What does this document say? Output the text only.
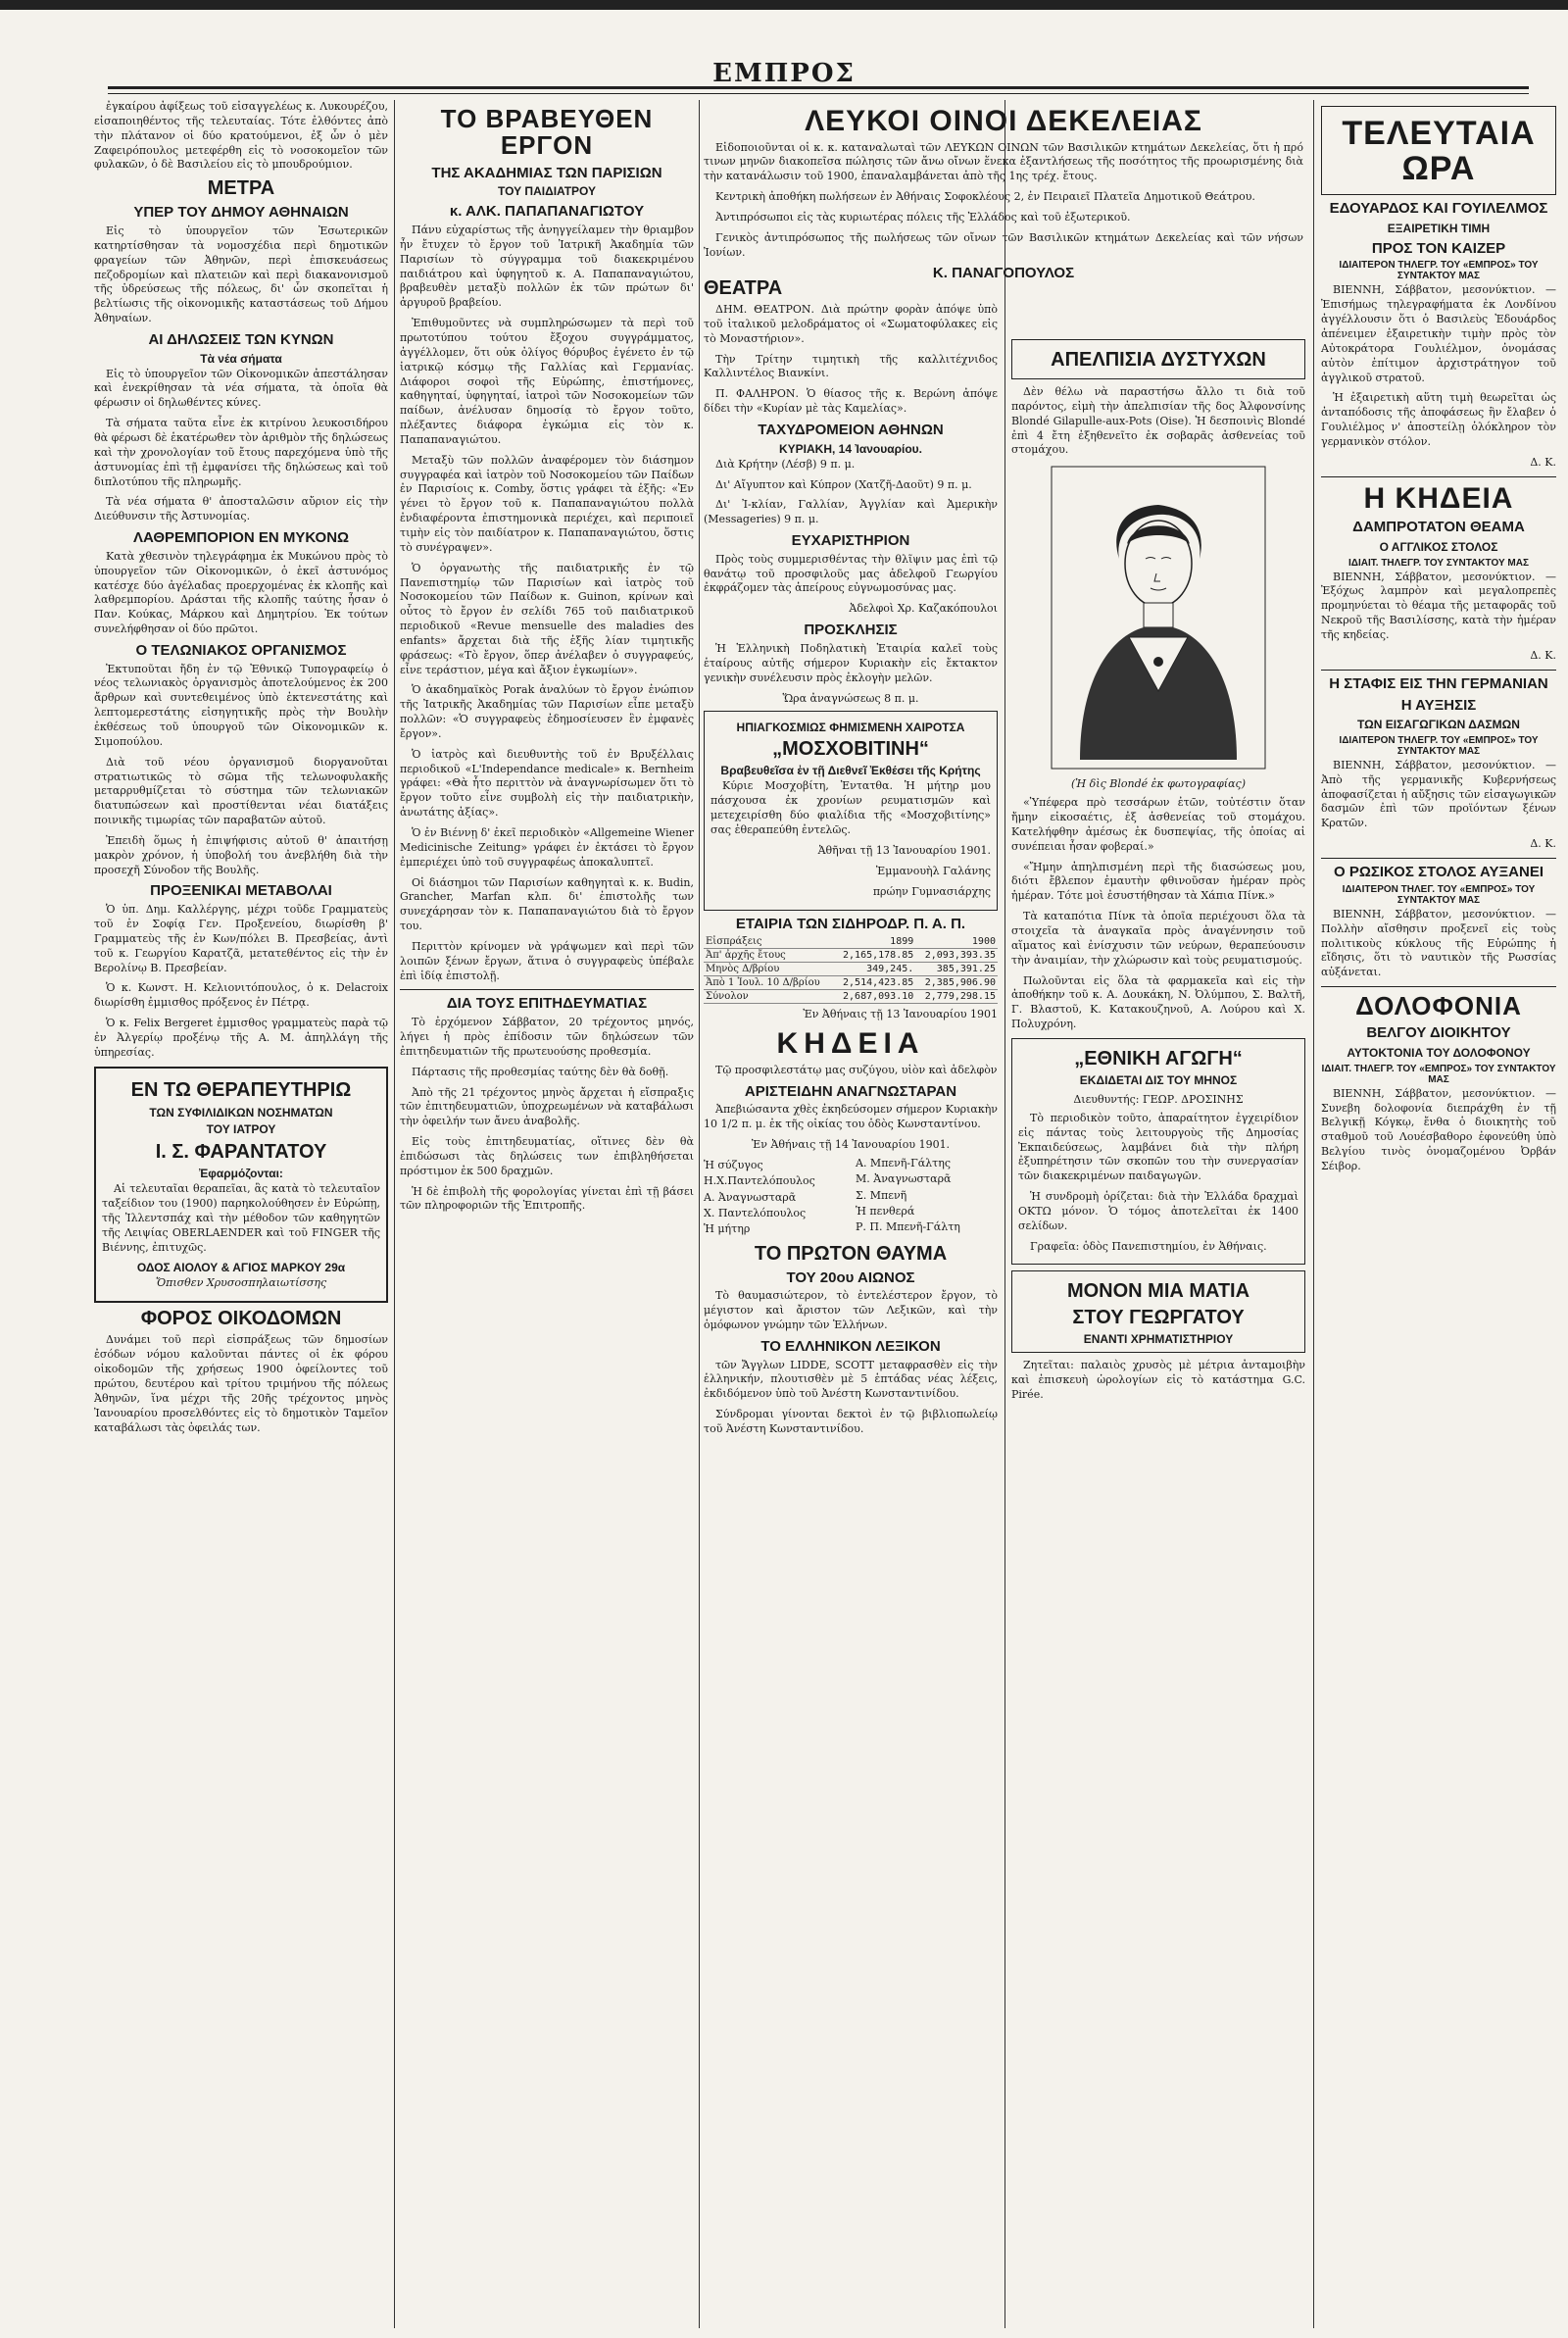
ΕΜΠΡΟΣ

ἐγκαίρου ἀφίξεως τοῦ εἰσαγγελέως κ. Λυκουρέζου, εἰσαποιηθέντος τῆς τελευταίας. Τότε ἐλθόντες ἀπὸ τὴν πλάτανον οἱ δύο κρατούμενοι, ἐξ ὧν ὁ μὲν Ζαφειρόπουλος μετεφέρθη εἰς τὸ νοσοκομεῖον τῶν φυλακῶν, ὁ δὲ Βασιλείου εἰς τὸ μπουδρούμιον.

ΜΕΤΡΑ
ΥΠΕΡ ΤΟΥ ΔΗΜΟΥ ΑΘΗΝΑΙΩΝ

Εἰς τὸ ὑπουργεῖον τῶν Ἐσωτερικῶν κατηρτίσθησαν τὰ νομοσχέδια περὶ δημοτικῶν φραγείων τῶν Ἀθηνῶν, περὶ ἐπισκευάσεως πεζοδρομίων καὶ πλατειῶν καὶ περὶ διακανονισμοῦ τῆς ὑδρεύσεως τῆς πόλεως, δι' ὧν σκοπεῖται ἡ βελτίωσις τῆς οἰκονομικῆς καταστάσεως τοῦ Δήμου Ἀθηναίων.

ΑΙ ΔΗΛΩΣΕΙΣ ΤΩΝ ΚΥΝΩΝ
Τὰ νέα σήματα

Εἰς τὸ ὑπουργεῖον τῶν Οἰκονομικῶν ἀπεστάλησαν καὶ ἐνεκρίθησαν τὰ νέα σήματα, τὰ ὁποῖα θὰ φέρωσιν οἱ δηλωθέντες κύνες.

Τὰ σήματα ταῦτα εἶνε ἐκ κιτρίνου λευκοσιδήρου θὰ φέρωσι δὲ ἑκατέρωθεν τὸν ἀριθμὸν τῆς δηλώσεως καὶ τὴν χρονολογίαν τοῦ ἔτους παρεχόμενα ὑπὸ τῆς ἀστυνομίας ἐπὶ τῇ ἐμφανίσει τῆς δηλώσεως καὶ τοῦ διπλοτύπου τῆς πληρωμῆς.

Τὰ νέα σήματα θ' ἀποσταλῶσιν αὔριον εἰς τὴν Διεύθυνσιν τῆς Ἀστυνομίας.

ΛΑΘΡΕΜΠΟΡΙΟΝ ΕΝ ΜΥΚΟΝΩ

Κατὰ χθεσινὸν τηλεγράφημα ἐκ Μυκώνου πρὸς τὸ ὑπουργεῖον τῶν Οἰκονομικῶν, ὁ ἐκεῖ ἀστυνόμος κατέσχε δύο ἀγέλαδας προερχομένας ἐκ κλοπῆς καὶ λαθρεμπορίου. Δράσται τῆς κλοπῆς ταύτης ἦσαν ὁ Παν. Κούκας, Μάρκου καὶ Δημητρίου. Ἐκ τούτων συνελήφθησαν οἱ δύο πρῶτοι.

Ο ΤΕΛΩΝΙΑΚΟΣ ΟΡΓΑΝΙΣΜΟΣ

Ἐκτυποῦται ἤδη ἐν τῷ Ἐθνικῷ Τυπογραφείῳ ὁ νέος τελωνιακὸς ὀργανισμὸς ἀποτελούμενος ἐκ 200 ἄρθρων καὶ συντεθειμένος ὑπὸ ἐκτενεστάτης καὶ λεπτομερεστάτης εἰσηγητικῆς πρὸς τὴν Βουλὴν ἐκθέσεως τοῦ ὑπουργοῦ τῶν Οἰκονομικῶν κ. Σιμοπούλου.

Διὰ τοῦ νέου ὀργανισμοῦ διοργανοῦται στρατιωτικῶς τὸ σῶμα τῆς τελωνοφυλακῆς μεταρρυθμίζεται τὸ σύστημα τῶν τελωνιακῶν διατυπώσεων καὶ προστίθενται νέαι διατάξεις ποινικῆς τιμωρίας τῶν παραβατῶν αὐτοῦ.

Ἐπειδὴ ὅμως ἡ ἐπιψήφισις αὐτοῦ θ' ἀπαιτήσῃ μακρὸν χρόνον, ἡ ὑποβολή του ἀνεβλήθη διὰ τὴν προσεχῆ Σύνοδον τῆς Βουλῆς.

ΠΡΟΞΕΝΙΚΑΙ ΜΕΤΑΒΟΛΑΙ

Ὁ ὑπ. Δημ. Καλλέργης, μέχρι τοῦδε Γραμματεὺς τοῦ ἐν Σοφίᾳ Γεν. Προξενείου, διωρίσθη β' Γραμματεὺς τῆς ἐν Κων/πόλει Β. Πρεσβείας, ἀντὶ τοῦ κ. Γεωργίου Καρατζᾶ, μετατεθέντος εἰς τὴν ἐν Βερολίνῳ Β. Πρεσβείαν.

Ὁ κ. Κωνστ. Η. Κελιονιτόπουλος, ὁ κ. Delacroix διωρίσθη ἐμμισθος πρόξενος ἐν Πέτρᾳ.

Ὁ κ. Felix Bergeret ἐμμισθος γραμματεὺς παρὰ τῷ ἐν Ἀλγερίῳ προξένῳ τῆς Α. Μ. ἀπηλλάγη τῆς ὑπηρεσίας.

ΕΝ ΤΩ ΘΕΡΑΠΕΥΤΗΡΙΩ
ΤΩΝ ΣΥΦΙΛΙΔΙΚΩΝ ΝΟΣΗΜΑΤΩΝ
ΤΟΥ ΙΑΤΡΟΥ
Ι. Σ. ΦΑΡΑΝΤΑΤΟΥ
Ἐφαρμόζονται:

Αἱ τελευταῖαι θεραπεῖαι, ἃς κατὰ τὸ τελευταῖον ταξείδιον του (1900) παρηκολούθησεν ἐν Εὐρώπῃ, τῆς Ἰλλεντσπάχ καὶ τὴν μέθοδον τῶν καθηγητῶν τῆς Λειψίας OBERLAENDER καὶ τοῦ FINGER τῆς Βιέννης, ἐπιτυχῶς.

ΟΔΟΣ ΑΙΟΛΟΥ & ΑΓΙΟΣ ΜΑΡΚΟΥ 29α
Ὄπισθεν Χρυσοσπηλαιωτίσσης
ΦΟΡΟΣ ΟΙΚΟΔΟΜΩΝ

Δυνάμει τοῦ περὶ εἰσπράξεως τῶν δημοσίων ἐσόδων νόμου καλοῦνται πάντες οἱ ἐκ φόρου οἰκοδομῶν τῆς χρήσεως 1900 ὀφείλοντες τοῦ πρώτου, δευτέρου καὶ τρίτου τριμήνου τῆς πόλεως Ἀθηνῶν, ἵνα μέχρι τῆς 20ῆς τρέχοντος μηνὸς Ἰανουαρίου προσελθόντες εἰς τὸ δημοτικὸν Ταμεῖον καταβάλωσι τὰς ὀφειλάς των.

ΤΟ ΒΡΑΒΕΥΘΕΝ ΕΡΓΟΝ
ΤΗΣ ΑΚΑΔΗΜΙΑΣ ΤΩΝ ΠΑΡΙΣΙΩΝ
ΤΟΥ ΠΑΙΔΙΑΤΡΟΥ
κ. ΑΛΚ. ΠΑΠΑΠΑΝΑΓΙΩΤΟΥ

Πάνυ εὐχαρίστως τῆς ἀνηγγείλαμεν τὴν θριαμβον ἦν ἔτυχεν τὸ ἔργον τοῦ Ἰατρικῆ Ἀκαδημία τῶν Παρισίων τὸ σύγγραμμα τοῦ διακεκριμένου παιδιάτρου καὶ ὑφηγητοῦ κ. Α. Παπαπαναγιώτου, βραβευθὲν μεταξὺ πολλῶν ἐκ τῶν πρώτων δι' ἀργυροῦ βραβείου.

Ἐπιθυμοῦντες νὰ συμπληρώσωμεν τὰ περὶ τοῦ πρωτοτύπου τούτου ἔξοχου συγγράμματος, ἀγγέλλομεν, ὅτι οὐκ ὀλίγος θόρυβος ἐγένετο ἐν τῷ ἰατρικῷ κόσμῳ τῆς Γαλλίας καὶ Γερμανίας. Διάφοροι σοφοὶ τῆς Εὐρώπης, ἐπιστήμονες, καθηγηταί, ὑφηγηταί, ἰατροὶ τῶν Νοσοκομείων τῶν παίδων, ἀνέλυσαν δημοσίᾳ τὸ ἔργον τοῦτο, πλέξαντες διάφορα ἐγκώμια εἰς τὸν κ. Παπαπαναγιώτου.

Μεταξὺ τῶν πολλῶν ἀναφέρομεν τὸν διάσημον συγγραφέα καὶ ἰατρὸν τοῦ Νοσοκομείου τῶν Παίδων ἐν Παρισίοις κ. Comby, ὅστις γράφει τὰ ἑξῆς: «Ἐν γένει τὸ ἔργον τοῦ κ. Παπαπαναγιώτου πολλὰ ἐνδιαφέροντα ἐπιστημονικὰ περιέχει, καὶ περιποιεῖ τιμὴν εἰς τὸν παιδίατρον κ. Παπαπαναγιώτου, ὅστις τὸ συνέγραψεν».

Ὁ ὀργανωτὴς τῆς παιδιατρικῆς ἐν τῷ Πανεπιστημίῳ τῶν Παρισίων καὶ ἰατρὸς τοῦ Νοσοκομείου τῶν Παίδων κ. Guinon, κρίνων καὶ οὗτος τὸ ἔργον ἐν σελίδι 765 τοῦ παιδιατρικοῦ περιοδικοῦ «Revue mensuelle des maladies des enfants» ἄρχεται διὰ τῆς ἑξῆς λίαν τιμητικῆς φράσεως: «Τὸ ἔργον, ὅπερ ἀνέλαβεν ὁ συγγραφεύς, εἶνε τεράστιον, μέγα καὶ ἄξιον ἐγκωμίων».

Ὁ ἀκαδημαϊκὸς Porak ἀναλύων τὸ ἔργον ἐνώπιον τῆς Ἰατρικῆς Ἀκαδημίας τῶν Παρισίων εἶπε μεταξὺ πολλῶν: «Ὁ συγγραφεὺς ἐδημοσίευσεν ἓν ἐμφανὲς ἔργον».

Ὁ ἰατρὸς καὶ διευθυντὴς τοῦ ἐν Βρυξέλλαις περιοδικοῦ «L'Independance medicale» κ. Bernheim γράφει: «Θὰ ἦτο περιττὸν νὰ ἀναγνωρίσωμεν ὅτι τὸ ἔργον τοῦτο εἶνε συμβολὴ εἰς τὴν παιδιατρικὴν, ἀνωτάτης ἀξίας».

Ὁ ἐν Βιέννῃ δ' ἐκεῖ περιοδικὸν «Allgemeine Wiener Medicinische Zeitung» γράφει ἐν ἐκτάσει τὸ ἔργον ἐμπεριέχει ὑπὸ τοῦ συγγραφέως ἀποκαλυπτεῖ.

Οἱ διάσημοι τῶν Παρισίων καθηγηταὶ κ. κ. Budin, Grancher, Marfan κλπ. δι' ἐπιστολῆς των συνεχάρησαν τὸν κ. Παπαπαναγιώτου διὰ τὸ ἔργον του.

Περιττὸν κρίνομεν νὰ γράψωμεν καὶ περὶ τῶν λοιπῶν ξένων ἔργων, ἅτινα ὁ συγγραφεὺς ὑπέβαλε ἐπὶ ἰδίᾳ ἐπιστολῇ.

ΔΙΑ ΤΟΥΣ ΕΠΙΤΗΔΕΥΜΑΤΙΑΣ

Τὸ ἐρχόμενον Σάββατον, 20 τρέχοντος μηνός, λήγει ἡ πρὸς ἐπίδοσιν τῶν δηλώσεων τῶν ἐπιτηδευματιῶν τῆς πρωτευούσης προθεσμία.

Πάρτασις τῆς προθεσμίας ταύτης δὲν θὰ δοθῇ.

Ἀπὸ τῆς 21 τρέχοντος μηνὸς ἄρχεται ἡ εἴσπραξις τῶν ἐπιτηδευματιῶν, ὑποχρεωμένων νὰ καταβάλωσι τὴν ὀφειλήν των ἄνευ ἀναβολῆς.

Εἰς τοὺς ἐπιτηδευματίας, οἵτινες δὲν θὰ ἐπιδώσωσι τὰς δηλώσεις των ἐπιβληθήσεται πρόστιμον ἐκ 500 δραχμῶν.

Ἡ δὲ ἐπιβολὴ τῆς φορολογίας γίνεται ἐπὶ τῇ βάσει τῶν πληροφοριῶν τῆς Ἐπιτροπῆς.

ΛΕΥΚΟΙ ΟΙΝΟΙ ΔΕΚΕΛΕΙΑΣ

Εἰδοποιοῦνται οἱ κ. κ. καταναλωταὶ τῶν ΛΕΥΚΩΝ ΟΙΝΩΝ τῶν Βασιλικῶν κτημάτων Δεκελείας, ὅτι ἡ πρό τινων μηνῶν διακοπεῖσα πώλησις τῶν ἄνω οἴνων ἕνεκα ἐξαντλήσεως τῆς ποσότητος τῆς προωρισμένης διὰ τὴν κατανάλωσιν τοῦ 1900, ἐπαναλαμβάνεται ἀπὸ τῆς 1ης τρέχ. ἔτους.

Κεντρικὴ ἀποθήκη πωλήσεων ἐν Ἀθήναις Σοφοκλέους 2, ἐν Πειραιεῖ Πλατεῖα Δημοτικοῦ Θεάτρου.

Ἀντιπρόσωποι εἰς τὰς κυριωτέρας πόλεις τῆς Ἑλλάδος καὶ τοῦ ἐξωτερικοῦ.

Γενικὸς ἀντιπρόσωπος τῆς πωλήσεως τῶν οἴνων τῶν Βασιλικῶν κτημάτων Δεκελείας καὶ τῶν νήσων Ἰονίων.

Κ. ΠΑΝΑΓΟΠΟΥΛΟΣ
ΘΕΑΤΡΑ

ΔΗΜ. ΘΕΑΤΡΟΝ. Διὰ πρώτην φορὰν ἀπόψε ὑπὸ τοῦ ἰταλικοῦ μελοδράματος οἱ «Σωματοφύλακες εἰς τὸ Μοναστήριον».

Τὴν Τρίτην τιμητικὴ τῆς καλλιτέχνιδος Καλλιντέλος Βιανκίνι.

Π. ΦΑΛΗΡΟΝ. Ὁ θίασος τῆς κ. Βερώνη ἀπόψε δίδει τὴν «Κυρίαν μὲ τὰς Καμελίας».

ΤΑΧΥΔΡΟΜΕΙΟΝ ΑΘΗΝΩΝ
ΚΥΡΙΑΚΗ, 14 Ἰανουαρίου.

Διὰ Κρήτην (Λέσβ) 9 π. μ.

Δι' Αἴγυπτον καὶ Κύπρον (Χατζῆ-Δαοῦτ) 9 π. μ.

Δι' Ἰ-κλίαν, Γαλλίαν, Ἀγγλίαν καὶ Ἀμερικὴν (Messageries) 9 π. μ.

ΕΥΧΑΡΙΣΤΗΡΙΟΝ

Πρὸς τοὺς συμμερισθέντας τὴν θλῖψιν μας ἐπὶ τῷ θανάτῳ τοῦ προσφιλοῦς μας ἀδελφοῦ Γεωργίου ἐκφράζομεν τὰς ἀπείρους εὐγνωμοσύνας μας.

Ἀδελφοὶ Χρ. Καζακόπουλοι
ΠΡΟΣΚΛΗΣΙΣ

Ἡ Ἑλληνικὴ Ποδηλατικὴ Ἑταιρία καλεῖ τοὺς ἑταίρους αὐτῆς σήμερον Κυριακὴν εἰς ἔκτακτον γενικὴν συνέλευσιν πρὸς ἐκλογὴν μελῶν.

Ὥρα ἀναγνώσεως 8 π. μ.
ΗΠΙΑΓΚΟΣΜΙΩΣ ΦΗΜΙΣΜΕΝΗ ΧΑΙΡΟΤΣΑ
„ΜΟΣΧΟΒΙΤΙΝΗ“
Βραβευθεῖσα ἐν τῇ Διεθνεῖ Ἐκθέσει τῆς Κρήτης

Κύριε Μοσχοβίτη, Ἐντατθα. Ἡ μήτηρ μου πάσχουσα ἐκ χρονίων ρευματισμῶν καὶ μετεχειρίσθη δύο φιαλίδια τῆς «Μοσχοβιτίνης» σας ἐθεραπεύθη ἐντελῶς.

Ἀθῆναι τῇ 13 Ἰανουαρίου 1901.
Ἐμμανουὴλ Γαλάνης
πρώην Γυμνασιάρχης
ΕΤΑΙΡΙΑ ΤΩΝ ΣΙΔΗΡΟΔΡ. Π. Α. Π.
Εἰσπράξεις	1899	1900
Ἀπ' ἀρχῆς ἔτους	2,165,178.85	2,093,393.35
Μηνὸς Δ/βρίου	349,245.	385,391.25
Ἀπὸ 1 Ἰουλ. 10 Δ/βρίου	2,514,423.85	2,385,906.90
Σύνολον	2,687,093.10	2,779,298.15
Ἐν Ἀθήναις τῇ 13 Ἰανουαρίου 1901
ΚΗΔΕΙΑ

Τῷ προσφιλεστάτῳ μας συζύγου, υἱὸν καὶ ἀδελφὸν

ΑΡΙΣΤΕΙΔΗΝ ΑΝΑΓΝΩΣΤΑΡΑΝ

Ἀπεβιώσαντα χθὲς ἐκηδεύσομεν σήμερον Κυριακὴν 10 1/2 π. μ. ἐκ τῆς οἰκίας του ὁδὸς Κωνσταντίνου.

Ἐν Ἀθήναις τῇ 14 Ἰανουαρίου 1901.
Ἡ σύζυγος
Η.Χ.Παντελόπουλος
Α. Ἀναγνωσταρᾶ
Χ. Παντελόπουλος
Ἡ μήτηρ
Α. Μπενῆ-Γάλτης
Μ. Ἀναγνωσταρᾶ
Σ. Μπενῆ
Ἡ πενθερά
Ρ. Π. Μπενῆ-Γάλτη
ΤΟ ΠΡΩΤΟΝ ΘΑΥΜΑ
ΤΟΥ 20ου ΑΙΩΝΟΣ

Τὸ θαυμασιώτερον, τὸ ἐντελέστερον ἔργον, τὸ μέγιστον καὶ ἄριστον τῶν Λεξικῶν, καὶ τὴν ὁμόφωνον γνώμην τῶν Ἑλλήνων.

ΤΟ ΕΛΛΗΝΙΚΟΝ ΛΕΞΙΚΟΝ

τῶν Ἄγγλων LIDDE, SCOTT μεταφρασθὲν εἰς τὴν ἑλληνικήν, πλουτισθὲν μὲ 5 ἑπτάδας νέας λέξεις, ἐκδιδόμενον ὑπὸ τοῦ Ἀνέστη Κωνσταντινίδου.

Σύνδρομαι γίνονται δεκτοὶ ἐν τῷ βιβλιοπωλείῳ τοῦ Ἀνέστη Κωνσταντινίδου.

ΑΠΕΛΠΙΣΙΑ ΔΥΣΤΥΧΩΝ

Δὲν θέλω νὰ παραστήσω ἄλλο τι διὰ τοῦ παρόντος, εἰμὴ τὴν ἀπελπισίαν τῆς δος Ἀλφονσίνης Blondé Gilapulle-aux-Pots (Oise). Ἡ δεσποινὶς Blondé ἐπὶ 4 ἔτη ἐξηθενεῖτο ἐκ σοβαρᾶς ἀσθενείας τοῦ στομάχου.

(Ἡ δὶς Blondé ἐκ φωτογραφίας)

«Ὑπέφερα πρὸ τεσσάρων ἐτῶν, τοὐτέστιν ὅταν ἤμην εἰκοσαέτις, ἐξ ἀσθενείας τοῦ στομάχου. Κατελήφθην ἀμέσως ἐκ δυσπεψίας, τῆς ὁποίας αἱ συνέπειαι ἦσαν φοβεραί.»

«Ἤμην ἀπηλπισμένη περὶ τῆς διασώσεως μου, διότι ἔβλεπον ἐμαυτὴν φθινοῦσαν ἡμέραν πρὸς ἡμέραν. Τότε μοὶ ἐσυστήθησαν τὰ Χάπια Πίνκ.»

Τὰ καταπότια Πίνκ τὰ ὁποῖα περιέχουσι ὅλα τὰ στοιχεῖα τὰ ἀναγκαῖα πρὸς ἀναγέννησιν τοῦ αἵματος καὶ ἐνίσχυσιν τῶν νεύρων, θεραπεύουσιν τὴν ἀναιμίαν, τὴν χλώρωσιν καὶ τοὺς ρευματισμούς.

Πωλοῦνται εἰς ὅλα τὰ φαρμακεῖα καὶ εἰς τὴν ἀποθήκην τοῦ κ. Α. Δουκάκη, Ν. Ὀλύμπου, Σ. Βαλτῆ, Γ. Βλαστοῦ, Κ. Κατακουζηνοῦ, Α. Λούρου καὶ Χ. Πολυχρόνη.

„ΕΘΝΙΚΗ ΑΓΩΓΗ“
ΕΚΔΙΔΕΤΑΙ ΔΙΣ ΤΟΥ ΜΗΝΟΣ
Διευθυντής: ΓΕΩΡ. ΔΡΟΣΙΝΗΣ

Τὸ περιοδικὸν τοῦτο, ἀπαραίτητον ἐγχειρίδιον εἰς πάντας τοὺς λειτουργοὺς τῆς Δημοσίας Ἐκπαιδεύσεως, λαμβάνει διὰ τὴν πλήρη ἐξυπηρέτησιν τῶν σκοπῶν του τὴν συνεργασίαν τῶν διακεκριμένων παιδαγωγῶν.

Ἡ συνδρομὴ ὁρίζεται: διὰ τὴν Ἑλλάδα δραχμαὶ ΟΚΤΩ μόνον. Ὁ τόμος ἀποτελεῖται ἐκ 1400 σελίδων.

Γραφεῖα: ὁδὸς Πανεπιστημίου, ἐν Ἀθήναις.

ΜΟΝΟΝ ΜΙΑ ΜΑΤΙΑ
ΣΤΟΥ ΓΕΩΡΓΑΤΟΥ
ΕΝΑΝΤΙ ΧΡΗΜΑΤΙΣΤΗΡΙΟΥ

Ζητεῖται: παλαιὸς χρυσὸς μὲ μέτρια ἀνταμοιβὴν καὶ ἐπισκευὴ ὡρολογίων εἰς τὸ κατάστημα G.C. Pirée.

ΤΕΛΕΥΤΑΙΑ ΩΡΑ
ΕΔΟΥΑΡΔΟΣ ΚΑΙ ΓΟΥΙΛΕΛΜΟΣ
ΕΞΑΙΡΕΤΙΚΗ ΤΙΜΗ
ΠΡΟΣ ΤΟΝ ΚΑΙΖΕΡ
ΙΔΙΑΙΤΕΡΟΝ ΤΗΛΕΓΡ. ΤΟΥ «ΕΜΠΡΟΣ» ΤΟΥ ΣΥΝΤΑΚΤΟΥ ΜΑΣ

ΒΙΕΝΝΗ, Σάββατον, μεσονύκτιον. — Ἐπισήμως τηλεγραφήματα ἐκ Λονδίνου ἀγγέλλουσιν ὅτι ὁ Βασιλεὺς Ἐδουάρδος ἀπένειμεν ἐξαιρετικὴν τιμὴν πρὸς τὸν Αὐτοκράτορα Γουλιέλμον, ὀνομάσας αὐτὸν ἐπίτιμον ἀρχιστράτηγον τοῦ ἀγγλικοῦ στρατοῦ.

Ἡ ἐξαιρετικὴ αὕτη τιμὴ θεωρεῖται ὡς ἀνταπόδοσις τῆς ἀποφάσεως ἣν ἔλαβεν ὁ Γουλιέλμος ν' ἀποστείλῃ ὁλόκληρον τὸν γερμανικὸν στόλον.

Δ. Κ.
Η ΚΗΔΕΙΑ
ΔΑΜΠΡΟΤΑΤΟΝ ΘΕΑΜΑ
Ο ΑΓΓΛΙΚΟΣ ΣΤΟΛΟΣ
ΙΔΙΑΙΤ. ΤΗΛΕΓΡ. ΤΟΥ ΣΥΝΤΑΚΤΟΥ ΜΑΣ

ΒΙΕΝΝΗ, Σάββατον, μεσονύκτιον. — Ἐξόχως λαμπρὸν καὶ μεγαλοπρεπὲς προμηνύεται τὸ θέαμα τῆς μεταφορᾶς τοῦ Νεκροῦ τῆς Βασιλίσσης, κατὰ τὴν ἡμέραν τῆς κηδείας.

Δ. Κ.
Η ΣΤΑΦΙΣ ΕΙΣ ΤΗΝ ΓΕΡΜΑΝΙΑΝ
Η ΑΥΞΗΣΙΣ
ΤΩΝ ΕΙΣΑΓΩΓΙΚΩΝ ΔΑΣΜΩΝ
ΙΔΙΑΙΤΕΡΟΝ ΤΗΛΕΓΡ. ΤΟΥ «ΕΜΠΡΟΣ» ΤΟΥ ΣΥΝΤΑΚΤΟΥ ΜΑΣ

ΒΙΕΝΝΗ, Σάββατον, μεσονύκτιον. — Ἀπὸ τῆς γερμανικῆς Κυβερνήσεως ἀποφασίζεται ἡ αὔξησις τῶν εἰσαγωγικῶν δασμῶν ἐπὶ τῶν προϊόντων ξένων Κρατῶν.

Δ. Κ.
Ο ΡΩΣΙΚΟΣ ΣΤΟΛΟΣ ΑΥΞΑΝΕΙ
ΙΔΙΑΙΤΕΡΟΝ ΤΗΛΕΓ. ΤΟΥ «ΕΜΠΡΟΣ» ΤΟΥ ΣΥΝΤΑΚΤΟΥ ΜΑΣ

ΒΙΕΝΝΗ, Σάββατον, μεσονύκτιον. — Πολλὴν αἴσθησιν προξενεῖ εἰς τοὺς πολιτικοὺς κύκλους τῆς Εὐρώπης ἡ εἴδησις, ὅτι τὸ ναυτικὸν τῆς Ρωσσίας αὐξάνεται.

ΔΟΛΟΦΟΝΙΑ
ΒΕΛΓΟΥ ΔΙΟΙΚΗΤΟΥ
ΑΥΤΟΚΤΟΝΙΑ ΤΟΥ ΔΟΛΟΦΟΝΟΥ
ΙΔΙΑΙΤ. ΤΗΛΕΓΡ. ΤΟΥ «ΕΜΠΡΟΣ» ΤΟΥ ΣΥΝΤΑΚΤΟΥ ΜΑΣ

ΒΙΕΝΝΗ, Σάββατον, μεσονύκτιον. — Συνεβη δολοφονία διεπράχθη ἐν τῇ Βελγικῇ Κόγκῳ, ἔνθα ὁ διοικητὴς τοῦ σταθμοῦ τοῦ Λουέσβαθορο ἐφονεύθη ὑπὸ Βελγίου τινὸς ὀνομαζομένου Ὀρβάν Σέιβορ.
